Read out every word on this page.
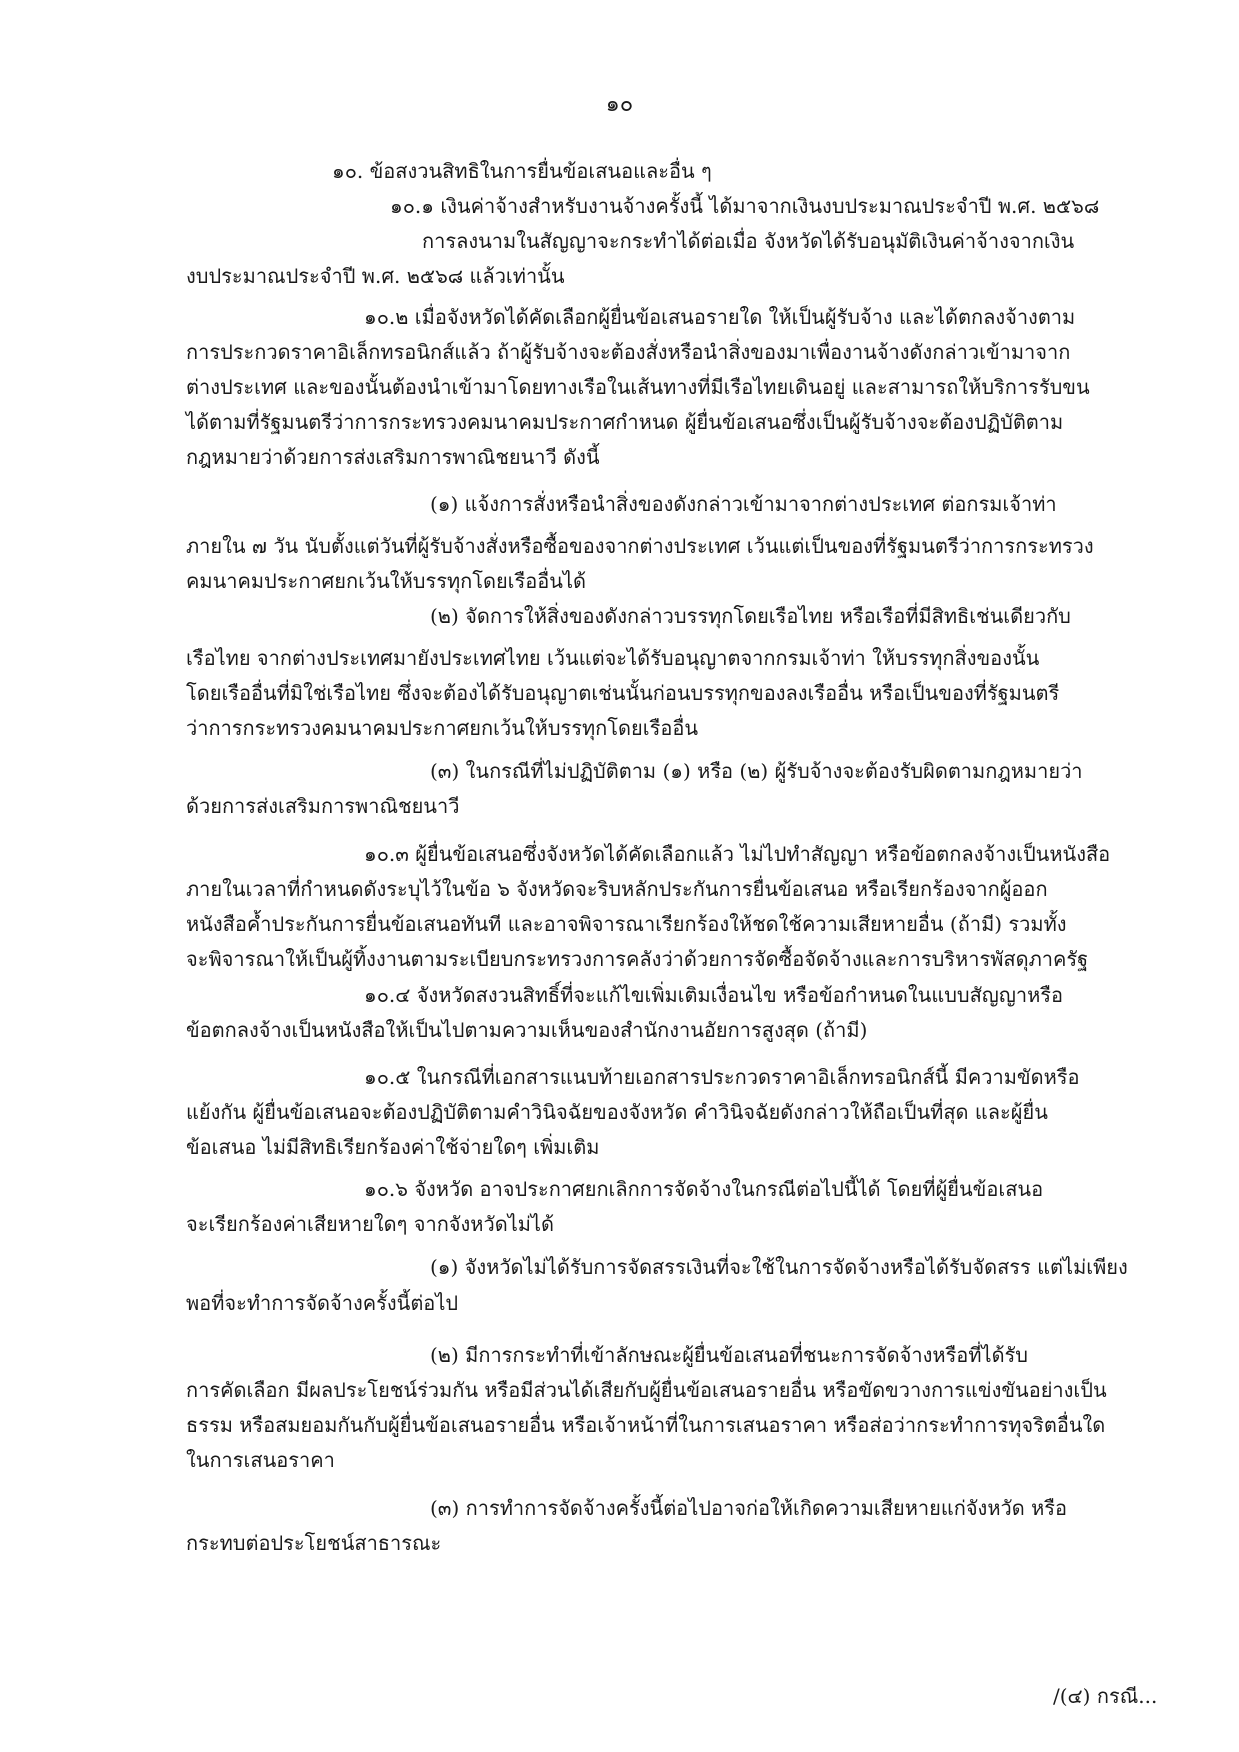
๑๐
๑๐. ข้อสงวนสิทธิในการยื่นข้อเสนอและอื่น ๆ
๑๐.๑ เงินค่าจ้างสำหรับงานจ้างครั้งนี้ ได้มาจากเงินงบประมาณประจำปี พ.ศ. ๒๕๖๘
การลงนามในสัญญาจะกระทำได้ต่อเมื่อ จังหวัดได้รับอนุมัติเงินค่าจ้างจากเงิน
งบประมาณประจำปี พ.ศ. ๒๕๖๘ แล้วเท่านั้น
๑๐.๒ เมื่อจังหวัดได้คัดเลือกผู้ยื่นข้อเสนอรายใด ให้เป็นผู้รับจ้าง และได้ตกลงจ้างตาม
การประกวดราคาอิเล็กทรอนิกส์แล้ว ถ้าผู้รับจ้างจะต้องสั่งหรือนำสิ่งของมาเพื่องานจ้างดังกล่าวเข้ามาจาก
ต่างประเทศ และของนั้นต้องนำเข้ามาโดยทางเรือในเส้นทางที่มีเรือไทยเดินอยู่ และสามารถให้บริการรับขน
ได้ตามที่รัฐมนตรีว่าการกระทรวงคมนาคมประกาศกำหนด ผู้ยื่นข้อเสนอซึ่งเป็นผู้รับจ้างจะต้องปฏิบัติตาม
กฎหมายว่าด้วยการส่งเสริมการพาณิชยนาวี ดังนี้
(๑) แจ้งการสั่งหรือนำสิ่งของดังกล่าวเข้ามาจากต่างประเทศ ต่อกรมเจ้าท่า
ภายใน ๗ วัน นับตั้งแต่วันที่ผู้รับจ้างสั่งหรือซื้อของจากต่างประเทศ เว้นแต่เป็นของที่รัฐมนตรีว่าการกระทรวง
คมนาคมประกาศยกเว้นให้บรรทุกโดยเรืออื่นได้
(๒) จัดการให้สิ่งของดังกล่าวบรรทุกโดยเรือไทย หรือเรือที่มีสิทธิเช่นเดียวกับ
เรือไทย จากต่างประเทศมายังประเทศไทย เว้นแต่จะได้รับอนุญาตจากกรมเจ้าท่า ให้บรรทุกสิ่งของนั้น
โดยเรืออื่นที่มิใช่เรือไทย ซึ่งจะต้องได้รับอนุญาตเช่นนั้นก่อนบรรทุกของลงเรืออื่น หรือเป็นของที่รัฐมนตรี
ว่าการกระทรวงคมนาคมประกาศยกเว้นให้บรรทุกโดยเรืออื่น
(๓) ในกรณีที่ไม่ปฏิบัติตาม (๑) หรือ (๒) ผู้รับจ้างจะต้องรับผิดตามกฎหมายว่า
ด้วยการส่งเสริมการพาณิชยนาวี
๑๐.๓ ผู้ยื่นข้อเสนอซึ่งจังหวัดได้คัดเลือกแล้ว ไม่ไปทำสัญญา หรือข้อตกลงจ้างเป็นหนังสือ
ภายในเวลาที่กำหนดดังระบุไว้ในข้อ ๖ จังหวัดจะริบหลักประกันการยื่นข้อเสนอ หรือเรียกร้องจากผู้ออก
หนังสือค้ำประกันการยื่นข้อเสนอทันที และอาจพิจารณาเรียกร้องให้ชดใช้ความเสียหายอื่น (ถ้ามี) รวมทั้ง
จะพิจารณาให้เป็นผู้ทิ้งงานตามระเบียบกระทรวงการคลังว่าด้วยการจัดซื้อจัดจ้างและการบริหารพัสดุภาครัฐ
๑๐.๔ จังหวัดสงวนสิทธิ์ที่จะแก้ไขเพิ่มเติมเงื่อนไข หรือข้อกำหนดในแบบสัญญาหรือ
ข้อตกลงจ้างเป็นหนังสือให้เป็นไปตามความเห็นของสำนักงานอัยการสูงสุด (ถ้ามี)
๑๐.๕ ในกรณีที่เอกสารแนบท้ายเอกสารประกวดราคาอิเล็กทรอนิกส์นี้ มีความขัดหรือ
แย้งกัน ผู้ยื่นข้อเสนอจะต้องปฏิบัติตามคำวินิจฉัยของจังหวัด คำวินิจฉัยดังกล่าวให้ถือเป็นที่สุด และผู้ยื่น
ข้อเสนอ ไม่มีสิทธิเรียกร้องค่าใช้จ่ายใดๆ เพิ่มเติม
๑๐.๖ จังหวัด อาจประกาศยกเลิกการจัดจ้างในกรณีต่อไปนี้ได้ โดยที่ผู้ยื่นข้อเสนอ
จะเรียกร้องค่าเสียหายใดๆ จากจังหวัดไม่ได้
(๑) จังหวัดไม่ได้รับการจัดสรรเงินที่จะใช้ในการจัดจ้างหรือได้รับจัดสรร แต่ไม่เพียง
พอที่จะทำการจัดจ้างครั้งนี้ต่อไป
(๒) มีการกระทำที่เข้าลักษณะผู้ยื่นข้อเสนอที่ชนะการจัดจ้างหรือที่ได้รับ
การคัดเลือก มีผลประโยชน์ร่วมกัน หรือมีส่วนได้เสียกับผู้ยื่นข้อเสนอรายอื่น หรือขัดขวางการแข่งขันอย่างเป็น
ธรรม หรือสมยอมกันกับผู้ยื่นข้อเสนอรายอื่น หรือเจ้าหน้าที่ในการเสนอราคา หรือส่อว่ากระทำการทุจริตอื่นใด
ในการเสนอราคา
(๓) การทำการจัดจ้างครั้งนี้ต่อไปอาจก่อให้เกิดความเสียหายแก่จังหวัด หรือ
กระทบต่อประโยชน์สาธารณะ
/(๔) กรณี...
